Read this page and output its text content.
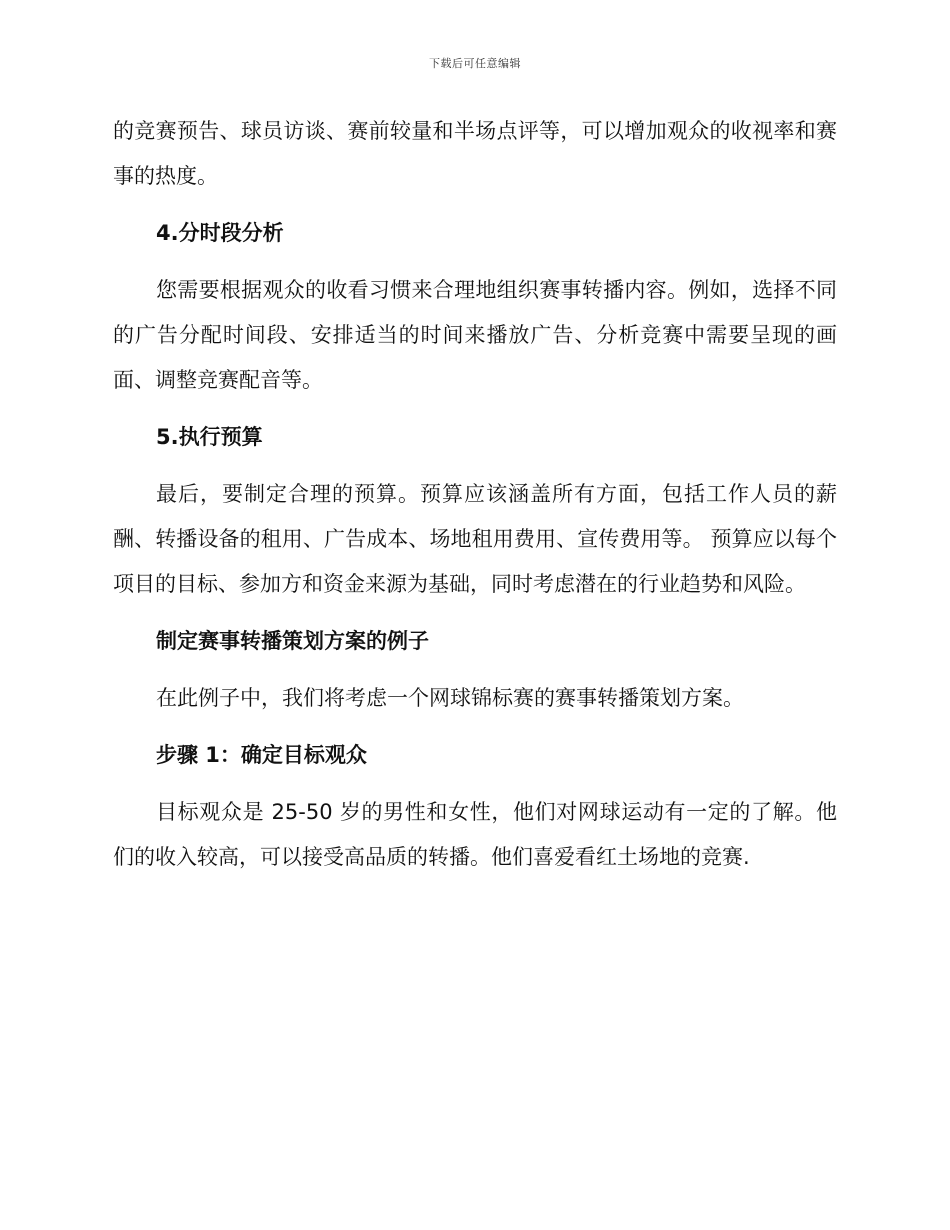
下载后可任意编辑

的竞赛预告、球员访谈、赛前较量和半场点评等，可以增加观众的收视率和赛事的热度。

4.分时段分析

您需要根据观众的收看习惯来合理地组织赛事转播内容。例如，选择不同的广告分配时间段、安排适当的时间来播放广告、分析竞赛中需要呈现的画面、调整竞赛配音等。

5.执行预算

最后，要制定合理的预算。预算应该涵盖所有方面，包括工作人员的薪酬、转播设备的租用、广告成本、场地租用费用、宣传费用等。 预算应以每个项目的目标、参加方和资金来源为基础，同时考虑潜在的行业趋势和风险。

制定赛事转播策划方案的例子

在此例子中，我们将考虑一个网球锦标赛的赛事转播策划方案。

步骤 1：确定目标观众

目标观众是 25-50 岁的男性和女性，他们对网球运动有一定的了解。他们的收入较高，可以接受高品质的转播。他们喜爱看红土场地的竞赛.
